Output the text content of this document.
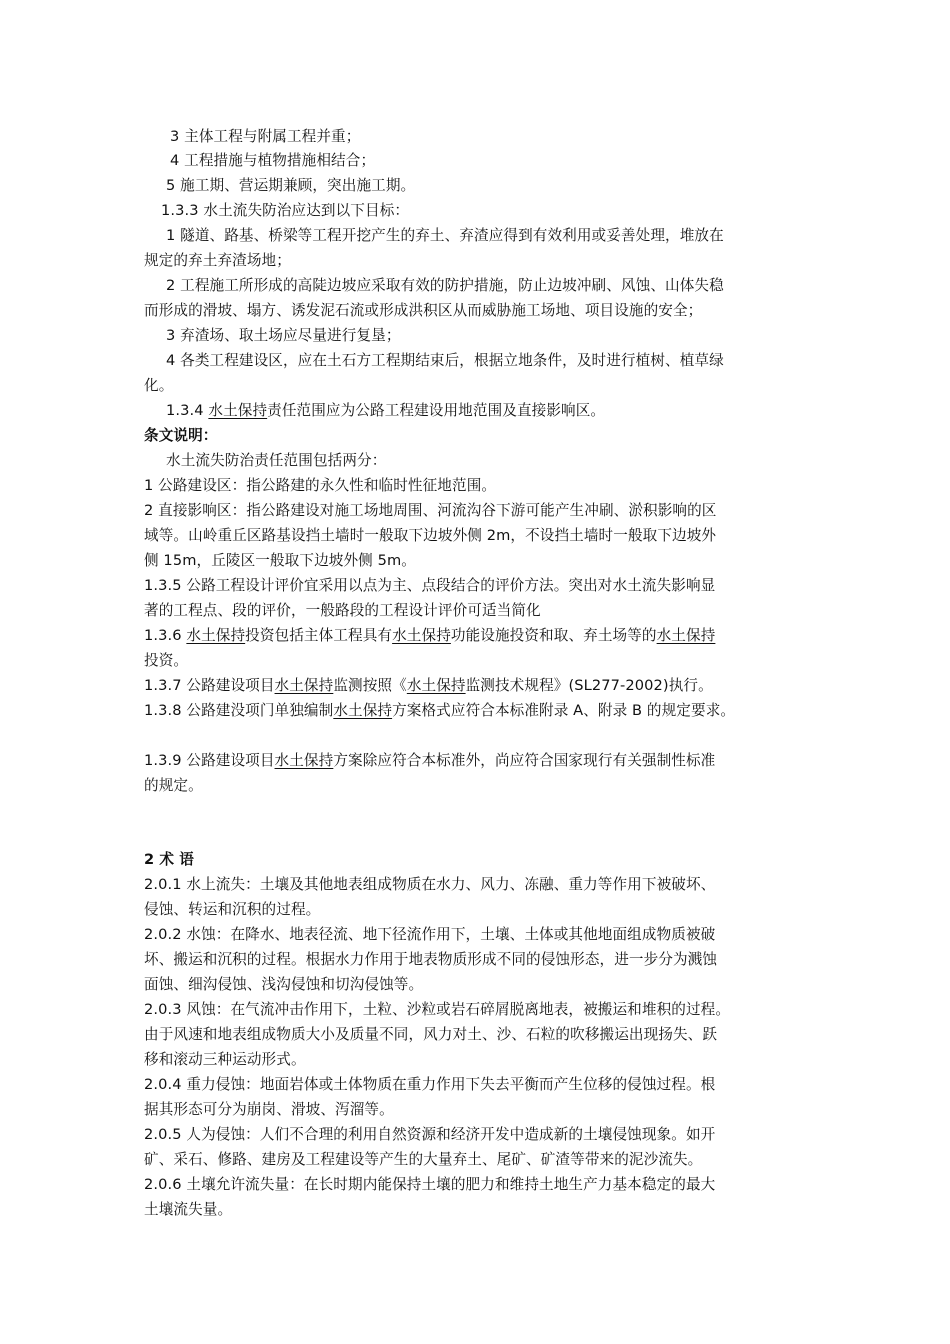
3 主体工程与附属工程并重；
4 工程措施与植物措施相结合；
5 施工期、营运期兼顾，突出施工期。
1.3.3 水土流失防治应达到以下目标：
1 隧道、路基、桥梁等工程开挖产生的弃土、弃渣应得到有效利用或妥善处理，堆放在
规定的弃土弃渣场地；
2 工程施工所形成的高陡边坡应采取有效的防护措施，防止边坡冲刷、风蚀、山体失稳
而形成的滑坡、塌方、诱发泥石流或形成洪积区从而威胁施工场地、项目设施的安全；
3 弃渣场、取土场应尽量进行复垦；
4 各类工程建设区，应在土石方工程期结束后，根据立地条件，及时进行植树、植草绿
化。
1.3.4 水土保持责任范围应为公路工程建设用地范围及直接影响区。
条文说明：
水土流失防治责任范围包括两分：
1 公路建设区：指公路建的永久性和临时性征地范围。
2 直接影响区：指公路建设对施工场地周围、河流沟谷下游可能产生冲刷、淤积影响的区
域等。山岭重丘区路基设挡土墙时一般取下边坡外侧 2m，不设挡土墙时一般取下边坡外
侧 15m，丘陵区一般取下边坡外侧 5m。
1.3.5 公路工程设计评价宜采用以点为主、点段结合的评价方法。突出对水土流失影响显
著的工程点、段的评价，一般路段的工程设计评价可适当简化
1.3.6 水土保持投资包括主体工程具有水土保持功能设施投资和取、弃土场等的水土保持
投资。
1.3.7 公路建设项目水土保持监测按照《水土保持监测技术规程》(SL277-2002)执行。
1.3.8 公路建没项门单独编制水土保持方案格式应符合本标准附录 A、附录 B 的规定要求。
1.3.9 公路建设项目水土保持方案除应符合本标准外，尚应符合国家现行有关强制性标准
的规定。
2 术 语
2.0.1 水上流失：土壤及其他地表组成物质在水力、风力、冻融、重力等作用下被破坏、
侵蚀、转运和沉积的过程。
2.0.2 水蚀：在降水、地表径流、地下径流作用下，土壤、土体或其他地面组成物质被破
坏、搬运和沉积的过程。根据水力作用于地表物质形成不同的侵蚀形态，进一步分为溅蚀
面蚀、细沟侵蚀、浅沟侵蚀和切沟侵蚀等。
2.0.3 风蚀：在气流冲击作用下，土粒、沙粒或岩石碎屑脱离地表，被搬运和堆积的过程。
由于风速和地表组成物质大小及质量不同，风力对土、沙、石粒的吹移搬运出现扬失、跃
移和滚动三种运动形式。
2.0.4 重力侵蚀：地面岩体或土体物质在重力作用下失去平衡而产生位移的侵蚀过程。根
据其形态可分为崩岗、滑坡、泻溜等。
2.0.5 人为侵蚀：人们不合理的利用自然资源和经济开发中造成新的土壤侵蚀现象。如开
矿、采石、修路、建房及工程建设等产生的大量弃土、尾矿、矿渣等带来的泥沙流失。
2.0.6 土壤允许流失量：在长时期内能保持土壤的肥力和维持土地生产力基本稳定的最大
土壤流失量。
